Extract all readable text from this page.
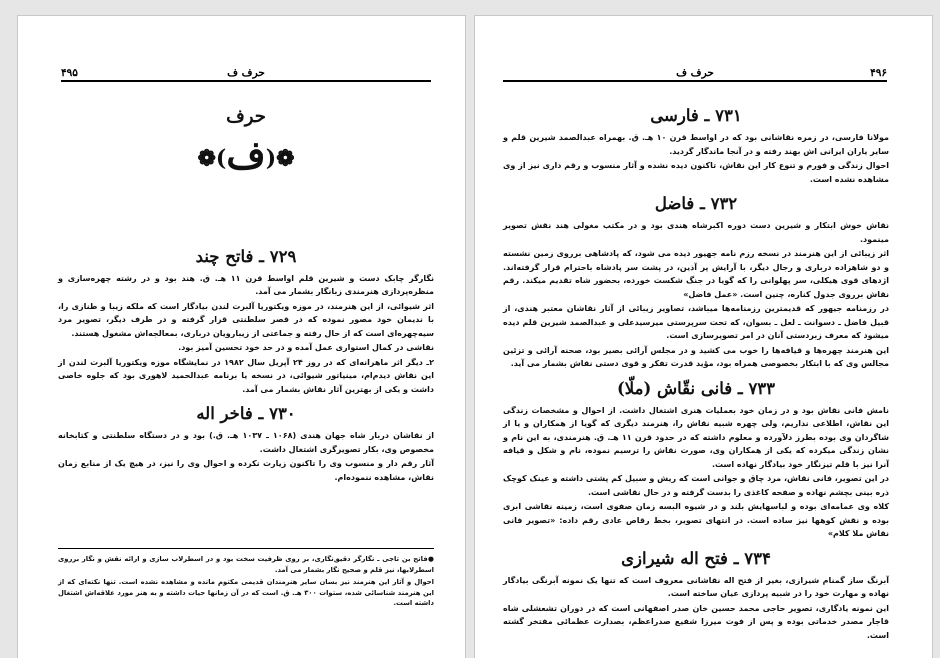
۴۹۵	حرف ف
حرف
❁(ف)❁
۷۲۹ ـ فاتح چند

نگارگر چابک دست و شیرین قلم اواسط قرن ۱۱ هـ. ق. هند بود و در رشته چهره‌سازی و منظره‌پردازی هنرمندی زبانگار بشمار می آمد.

اثر شیوائی، از این هنرمند، در موزه ویکتوریا آلبرت لندن بیادگار است که ملکه زیبا و طنازی را، با ندیمان خود مصور نموده که در قصر سلطنتی قرار گرفته و در طرف دیگر، تصویر مرد سیه‌چهره‌ای است که از حال رفته و جماعتی از زیبارویان درباری، بمعالجه‌اش مشغول هستند.

نقاشی در کمال استواری عمل آمده و در حد خود تحسین آمیز بود.

۲ـ دیگر اثر ماهرانه‌ای که در روز ۲۴ آپریل سال ۱۹۸۲ در نمایشگاه موزه ویکتوریا آلبرت لندن از این نقاش دیدم‌ام، مینیاتور شیوائی، در نسخه یا برنامه عبدالحمید لاهوری بود که جلوه خاصی داشت و یکی از بهترین آثار نقاش بشمار می آمد.

۷۳۰ ـ فاخر اله

از نقاشان دربار شاه جهان هندی (۱۰۶۸ ـ ۱۰۳۷ هـ. ق.) بود و در دستگاه سلطنتی و کتابخانه مخصوص وی، بکار تصویرگری اشتغال داشت.

آثار رقم دار و منسوب وی را تاکنون زیارت نکرده و احوال وی را نیز، در هیچ یک از منابع زمان نقاش، مشاهده ننموده‌ام.

●فاتح بن تاجی ـ نگارگر دقیق‌نگاری، بر روی ظرفیت سخت بود و در اسطرلاب سازی و ارائه نقش و نگار برروی اسطرلابها، نیز قلم و صحیح نگار بشمار می آمد.

احوال و آثار این هنرمند نیز بسان سایر هنرمندان قدیمی مکتوم مانده و مشاهده نشده است. تنها نکته‌ای که از این هنرمند شناسائی شده، ستوات ۳۰۰ هـ. ق. است که در آن زمانها حیات داشته و به هنر مورد علاقه‌اش اشتغال داشته است.

حرف ف	۴۹۶
۷۳۱ ـ فارسی

مولانا فارسی، در زمره نقاشانی بود که در اواسط قرن ۱۰ هـ. ق. بهمراه عبدالصمد شیرین قلم و سایر یاران ایرانی اش بهند رفته و در آنجا ماندگار گردید.

احوال زندگی و فورم و تنوع کار این نقاش، تاکنون دیده نشده و آثار منسوب و رقم داری نیز از وی مشاهده نشده است.

۷۳۲ ـ فاضل

نقاش خوش ابتکار و شیرین دست دوره اکبرشاه هندی بود و در مکتب مغولی هند نقش تصویر مینمود.

اثر زیبائی از این هنرمند در نسخه رزم نامه جهیور دیده می شود، که پادشاهی برروی زمین نشسته و دو شاهزاده درباری و رجال دیگر، با آرایش پر آذین، در پشت سر پادشاه باحترام قرار گرفته‌اند. اژدهای قوی هیکلی، سر پهلوانی را که گویا در جنگ شکست خورده، بحضور شاه تقدیم میکند. رقم نقاش برروی جدول کناره، چنین است. «عمل فاضل»

در رزمنامه جیهور که قدیمترین رزمنامه‌ها میباشد، تصاویر زیبائی از آثار نقاشان معتبر هندی، از قبیل فاضل ـ دسوانت ـ لعل ـ بسوان، که تحت سرپرستی میرسیدعلی و عبدالصمد شیرین قلم دیده میشود که معرف زبردستی آنان در امر تصویرسازی است.

این هنرمند چهره‌ها و قیافه‌ها را خوب می کشید و در مجلس آرائی بصیر بود، صحنه آرائی و تزئین مجالس وی که با ابتکار بخصوصی همراه بود، مؤید قدرت تفکر و قوی دستی نقاش بشمار می آید.

۷۳۳ ـ فانی نقّاش (ملّا)

نامش فانی نقاش بود و در زمان خود بعملیات هنری اشتغال داشت. از احوال و مشخصات زندگی این نقاش، اطلاعی نداریم، ولی چهره شبیه نقاش را، هنرمند دیگری که گویا از همکاران و یا از شاگردان وی بوده بطرز دلآورده و معلوم داشته که در حدود قرن ۱۱ هـ. ق. هنرمندی، به این نام و نشان زندگی میکرده که یکی از همکاران وی، صورت نقاش را ترسیم نموده، نام و شکل و قیافه آنرا نیز با قلم تیزنگار خود بیادگار نهاده است.

در این تصویر، فانی نقاش، مرد چاق و جوانی است که ریش و سبیل کم پشتی داشته و عینک کوچک ذره بینی بچشم نهاده و صفحه کاغذی را بدست گرفته و در حال نقاشی است.

کلاه وی عمامه‌ای بوده و لباسهایش بلند و در شیوه البسه زمان صفوی است، زمینه نقاشی ابری بوده و نقش کوهها نیز ساده است. در انتهای تصویر، بخط رقاص عادی رقم داده: «تصویر فانی نقاش ملا کلام»

۷۳۴ ـ فتح اله شیرازی

آبرنگ ساز گمنام شیرازی، بغیر از فتح اله نقاشانی معروف است که تنها یک نمونه آبرنگی بیادگار نهاده و مهارت خود را در شبیه پردازی عیان ساخته است.

این نمونه یادگاری، تصویر حاجی محمد حسین خان صدر اصفهانی است که در دوران تشعشلی شاه قاجار مصدر خدماتی بوده و پس از فوت میرزا شفیع صدراعظم، بصدارت عظمائی مفتخر گشته است.
